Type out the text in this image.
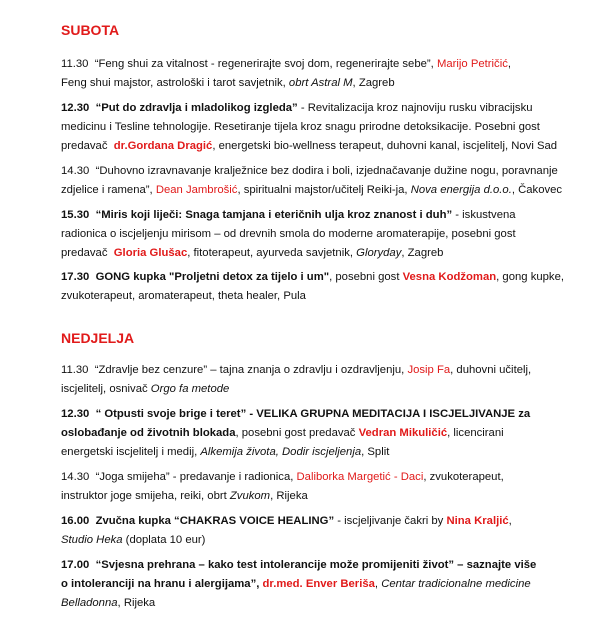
SUBOTA

11.30 “Feng shui za vitalnost - regenerirajte svoj dom, regenerirajte sebe”, Marijo Petričić,
Feng shui majstor, astrološki i tarot savjetnik, obrt Astral M, Zagreb

12.30 “Put do zdravlja i mladolikog izgleda” - Revitalizacija kroz najnoviju rusku vibracijsku
medicinu i Tesline tehnologije. Resetiranje tijela kroz snagu prirodne detoksikacije. Posebni gost
predavač dr.Gordana Dragić, energetski bio-wellness terapeut, duhovni kanal, iscjelitelj, Novi Sad

14.30 “Duhovno izravnavanje kralježnice bez dodira i boli, izjednačavanje dužine nogu, poravnanje
zdjelice i ramena”, Dean Jambrošić, spiritualni majstor/učitelj Reiki-ja, Nova energija d.o.o., Čakovec

15.30 “Miris koji liječi: Snaga tamjana i eteričnih ulja kroz znanost i duh” - iskustvena
radionica o iscjeljenju mirisom – od drevnih smola do moderne aromaterapije, posebni gost
predavač Gloria Glušac, fitoterapeut, ayurveda savjetnik, Gloryday, Zagreb

17.30 GONG kupka "Proljetni detox za tijelo i um", posebni gost Vesna Kodžoman, gong kupke,
zvukoterapeut, aromaterapeut, theta healer, Pula

NEDJELJA

11.30 “Zdravlje bez cenzure” – tajna znanja o zdravlju i ozdravljenju, Josip Fa, duhovni učitelj,
iscjelitelj, osnivač Orgo fa metode

12.30 “ Otpusti svoje brige i teret” - VELIKA GRUPNA MEDITACIJA I ISCJELJIVANJE za
oslobađanje od životnih blokada, posebni gost predavač Vedran Mikuličić, licencirani
energetski iscjelitelj i medij, Alkemija života, Dodir iscjeljenja, Split

14.30 “Joga smijeha” - predavanje i radionica, Daliborka Margetić - Daci, zvukoterapeut,
instruktor joge smijeha, reiki, obrt Zvukom, Rijeka

16.00 Zvučna kupka “CHAKRAS VOICE HEALING” - iscjeljivanje čakri by Nina Kraljić,
Studio Heka (doplata 10 eur)

17.00 “Svjesna prehrana – kako test intolerancije može promijeniti život” – saznajte više
o intoleranciji na hranu i alergijama”, dr.med. Enver Beriša, Centar tradicionalne medicine
Belladonna, Rijeka
